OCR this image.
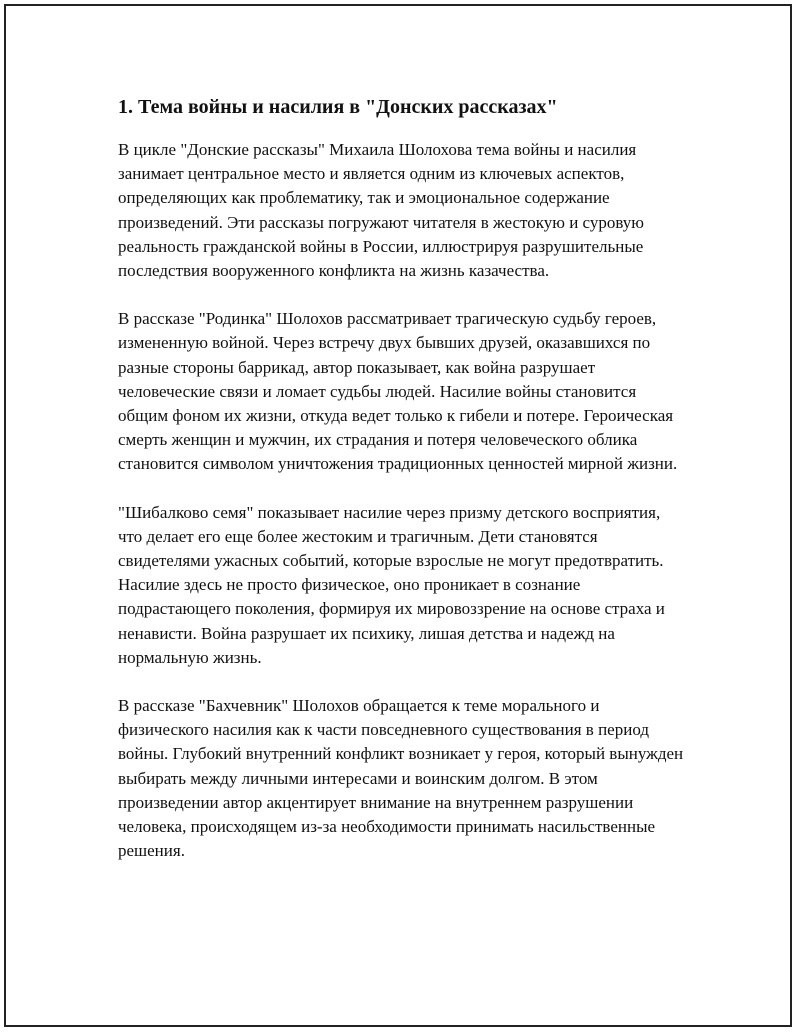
1. Тема войны и насилия в "Донских рассказах"

В цикле "Донские рассказы" Михаила Шолохова тема войны и насилия занимает центральное место и является одним из ключевых аспектов, определяющих как проблематику, так и эмоциональное содержание произведений. Эти рассказы погружают читателя в жестокую и суровую реальность гражданской войны в России, иллюстрируя разрушительные последствия вооруженного конфликта на жизнь казачества.

В рассказе "Родинка" Шолохов рассматривает трагическую судьбу героев, измененную войной. Через встречу двух бывших друзей, оказавшихся по разные стороны баррикад, автор показывает, как война разрушает человеческие связи и ломает судьбы людей. Насилие войны становится общим фоном их жизни, откуда ведет только к гибели и потере. Героическая смерть женщин и мужчин, их страдания и потеря человеческого облика становится символом уничтожения традиционных ценностей мирной жизни.

"Шибалково семя" показывает насилие через призму детского восприятия, что делает его еще более жестоким и трагичным. Дети становятся свидетелями ужасных событий, которые взрослые не могут предотвратить. Насилие здесь не просто физическое, оно проникает в сознание подрастающего поколения, формируя их мировоззрение на основе страха и ненависти. Война разрушает их психику, лишая детства и надежд на нормальную жизнь.

В рассказе "Бахчевник" Шолохов обращается к теме морального и физического насилия как к части повседневного существования в период войны. Глубокий внутренний конфликт возникает у героя, который вынужден выбирать между личными интересами и воинским долгом. В этом произведении автор акцентирует внимание на внутреннем разрушении человека, происходящем из-за необходимости принимать насильственные решения.
